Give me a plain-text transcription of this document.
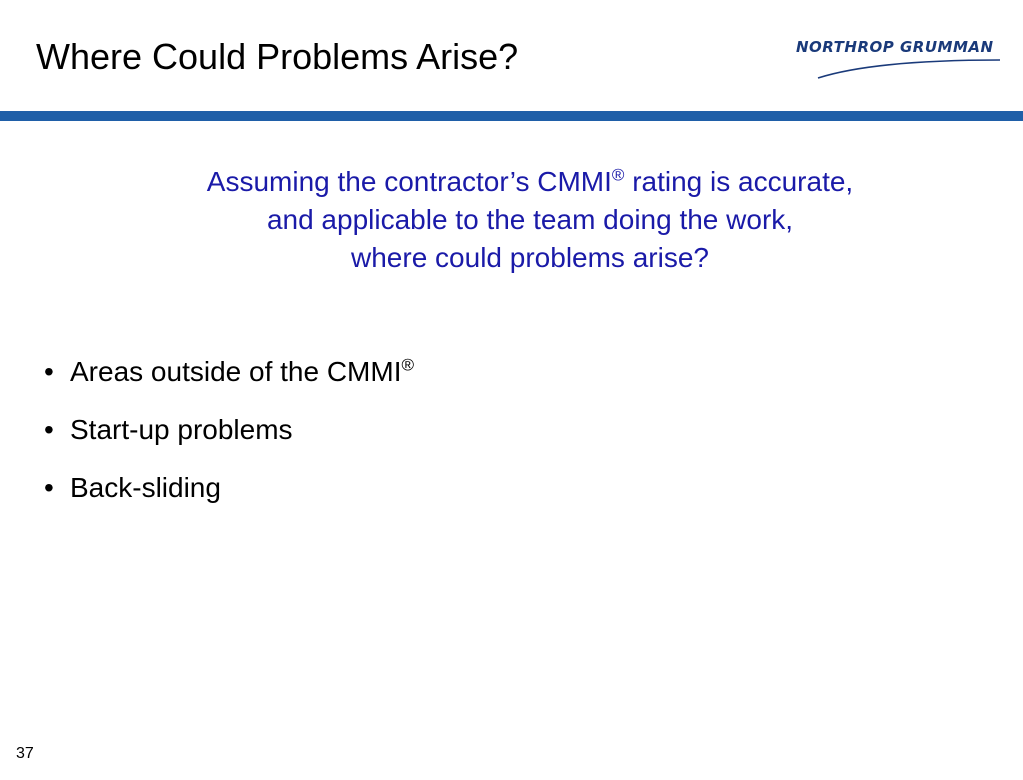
Where Could Problems Arise?	NORTHROP GRUMMAN
Assuming the contractor’s CMMI® rating is accurate,
and applicable to the team doing the work,
where could problems arise?
• Areas outside of the CMMI®
• Start-up problems
• Back-sliding
37
